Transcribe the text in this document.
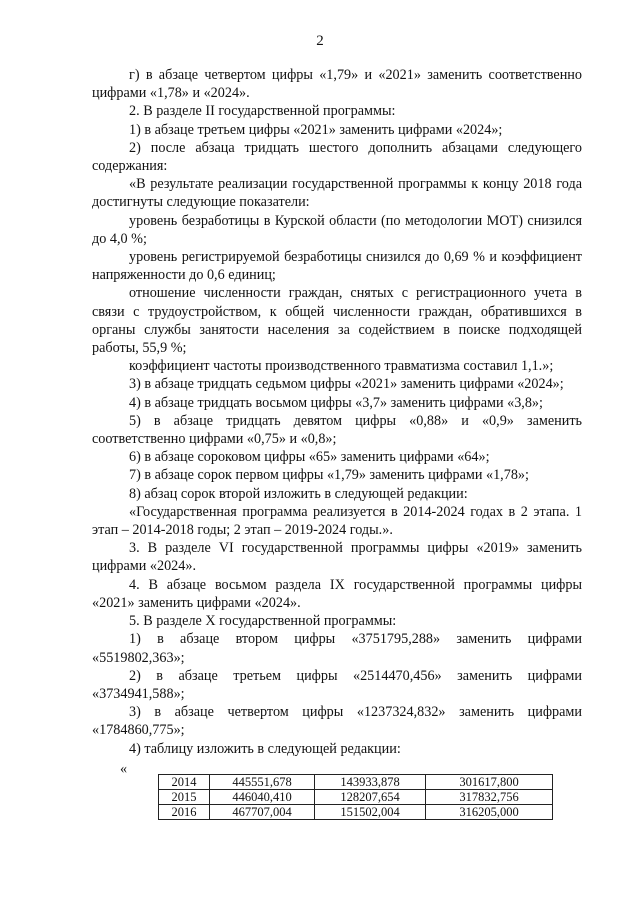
2

г) в абзаце четвертом цифры «1,79» и «2021» заменить соответственно цифрами «1,78» и «2024».

2. В разделе II государственной программы:

1) в абзаце третьем цифры «2021» заменить цифрами «2024»;

2) после абзаца тридцать шестого дополнить абзацами следующего содержания:

«В результате реализации государственной программы к концу 2018 года достигнуты следующие показатели:

уровень безработицы в Курской области (по методологии МОТ) снизился до 4,0 %;

уровень регистрируемой безработицы снизился до 0,69 % и коэффициент напряженности до 0,6 единиц;

отношение численности граждан, снятых с регистрационного учета в связи с трудоустройством, к общей численности граждан, обратившихся в органы службы занятости населения за содействием в поиске подходящей работы, 55,9 %;

коэффициент частоты производственного травматизма составил 1,1.»;

3) в абзаце тридцать седьмом цифры «2021» заменить цифрами «2024»;

4) в абзаце тридцать восьмом цифры «3,7» заменить цифрами «3,8»;

5) в абзаце тридцать девятом цифры «0,88» и «0,9» заменить соответственно цифрами «0,75» и «0,8»;

6) в абзаце сороковом цифры «65» заменить цифрами «64»;

7) в абзаце сорок первом цифры «1,79» заменить цифрами «1,78»;

8) абзац сорок второй изложить в следующей редакции:

«Государственная программа реализуется в 2014-2024 годах в 2 этапа. 1 этап – 2014-2018 годы; 2 этап – 2019-2024 годы.».

3. В разделе VI государственной программы цифры «2019» заменить цифрами «2024».

4. В абзаце восьмом раздела IX государственной программы цифры «2021» заменить цифрами «2024».

5. В разделе X государственной программы:

1) в абзаце втором цифры «3751795,288» заменить цифрами «5519802,363»;

2) в абзаце третьем цифры «2514470,456» заменить цифрами «3734941,588»;

3) в абзаце четвертом цифры «1237324,832» заменить цифрами «1784860,775»;

4) таблицу изложить в следующей редакции:

«

2014	445551,678	143933,878	301617,800
2015	446040,410	128207,654	317832,756
2016	467707,004	151502,004	316205,000
